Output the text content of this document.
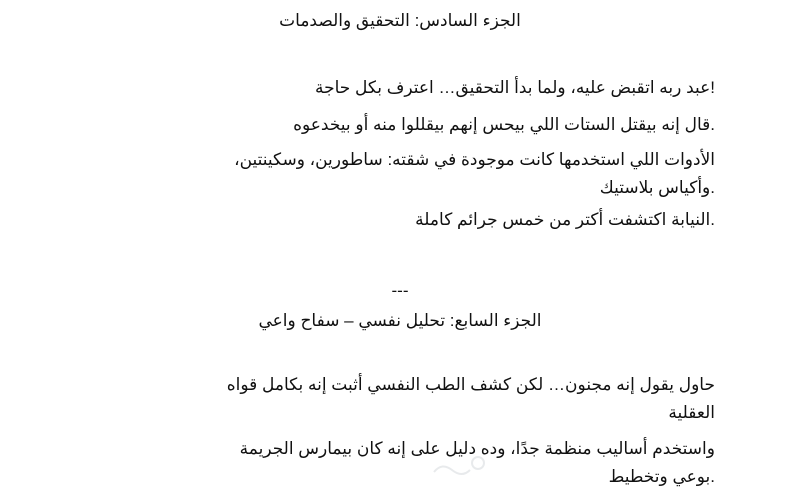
الجزء السادس: التحقيق والصدمات
!عبد ربه اتقبض عليه، ولما بدأ التحقيق… اعترف بكل حاجة
.قال إنه بيقتل الستات اللي بيحس إنهم بيقللوا منه أو بيخدعوه
الأدوات اللي استخدمها كانت موجودة في شقته: ساطورين، وسكينتين،
.وأكياس بلاستيك
.النيابة اكتشفت أكتر من خمس جرائم كاملة
---
الجزء السابع: تحليل نفسي – سفاح واعي
حاول يقول إنه مجنون… لكن كشف الطب النفسي أثبت إنه بكامل قواه
العقلية
واستخدم أساليب منظمة جدًا، وده دليل على إنه كان بيمارس الجريمة
.بوعي وتخطيط
